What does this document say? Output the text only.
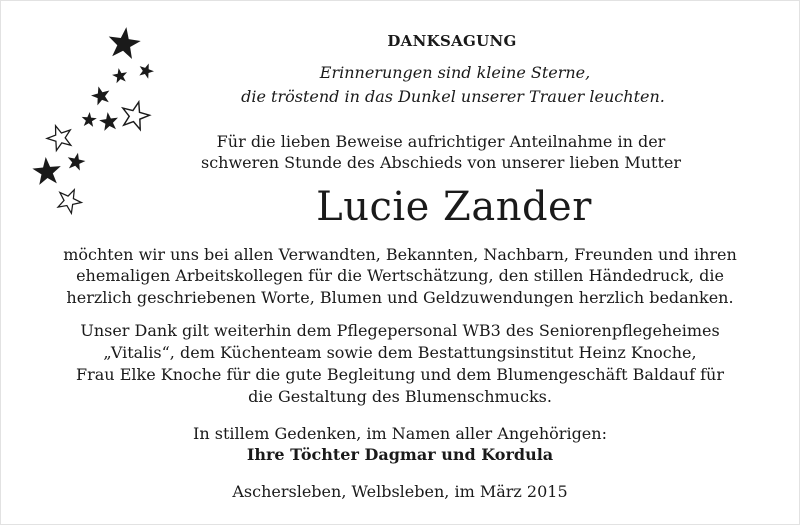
DANKSAGUNG
Erinnerungen sind kleine Sterne,
die tröstend in das Dunkel unserer Trauer leuchten.
Für die lieben Beweise aufrichtiger Anteilnahme in der
schweren Stunde des Abschieds von unserer lieben Mutter
Lucie Zander
möchten wir uns bei allen Verwandten, Bekannten, Nachbarn, Freunden und ihren
ehemaligen Arbeitskollegen für die Wertschätzung, den stillen Händedruck, die
herzlich geschriebenen Worte, Blumen und Geldzuwendungen herzlich bedanken.
Unser Dank gilt weiterhin dem Pflegepersonal WB3 des Seniorenpflegeheimes
„Vitalis“, dem Küchenteam sowie dem Bestattungsinstitut Heinz Knoche,
Frau Elke Knoche für die gute Begleitung und dem Blumengeschäft Baldauf für
die Gestaltung des Blumenschmucks.
In stillem Gedenken, im Namen aller Angehörigen:
Ihre Töchter Dagmar und Kordula
Aschersleben, Welbsleben, im März 2015
